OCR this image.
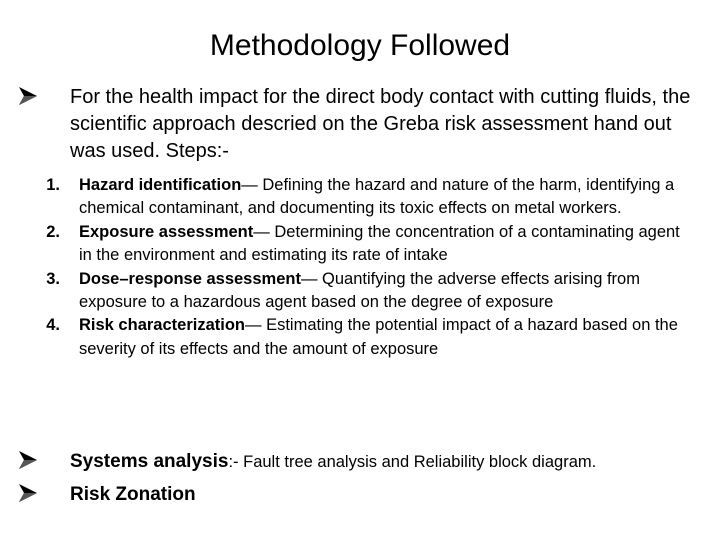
Methodology Followed
For the health impact for the direct body contact with cutting fluids, the scientific approach descried on the Greba risk assessment hand out was used. Steps:-
1. Hazard identification— Defining the hazard and nature of the harm, identifying a chemical contaminant, and documenting its toxic effects on metal workers.
2. Exposure assessment— Determining the concentration of a contaminating agent in the environment and estimating its rate of intake
3. Dose–response assessment— Quantifying the adverse effects arising from exposure to a hazardous agent based on the degree of exposure
4. Risk characterization— Estimating the potential impact of a hazard based on the severity of its effects and the amount of exposure
Systems analysis:- Fault tree analysis and Reliability block diagram.
Risk Zonation
